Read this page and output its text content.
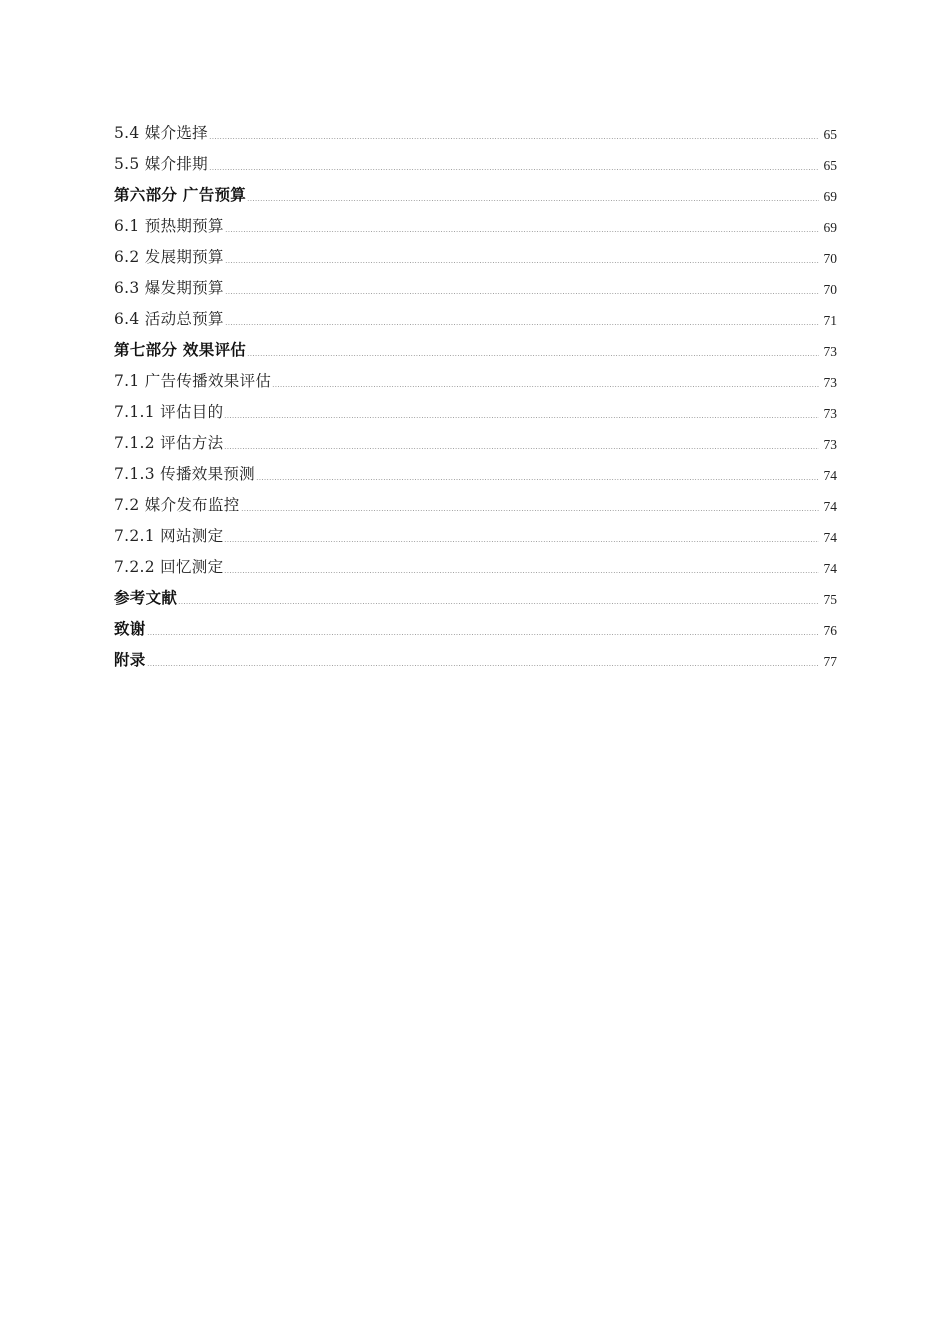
5.4 媒介选择	65
5.5 媒介排期	65
第六部分 广告预算	69
6.1 预热期预算	69
6.2 发展期预算	70
6.3 爆发期预算	70
6.4 活动总预算	71
第七部分 效果评估	73
7.1 广告传播效果评估	73
7.1.1 评估目的	73
7.1.2 评估方法	73
7.1.3 传播效果预测	74
7.2 媒介发布监控	74
7.2.1 网站测定	74
7.2.2 回忆测定	74
参考文献	75
致谢	76
附录	77
